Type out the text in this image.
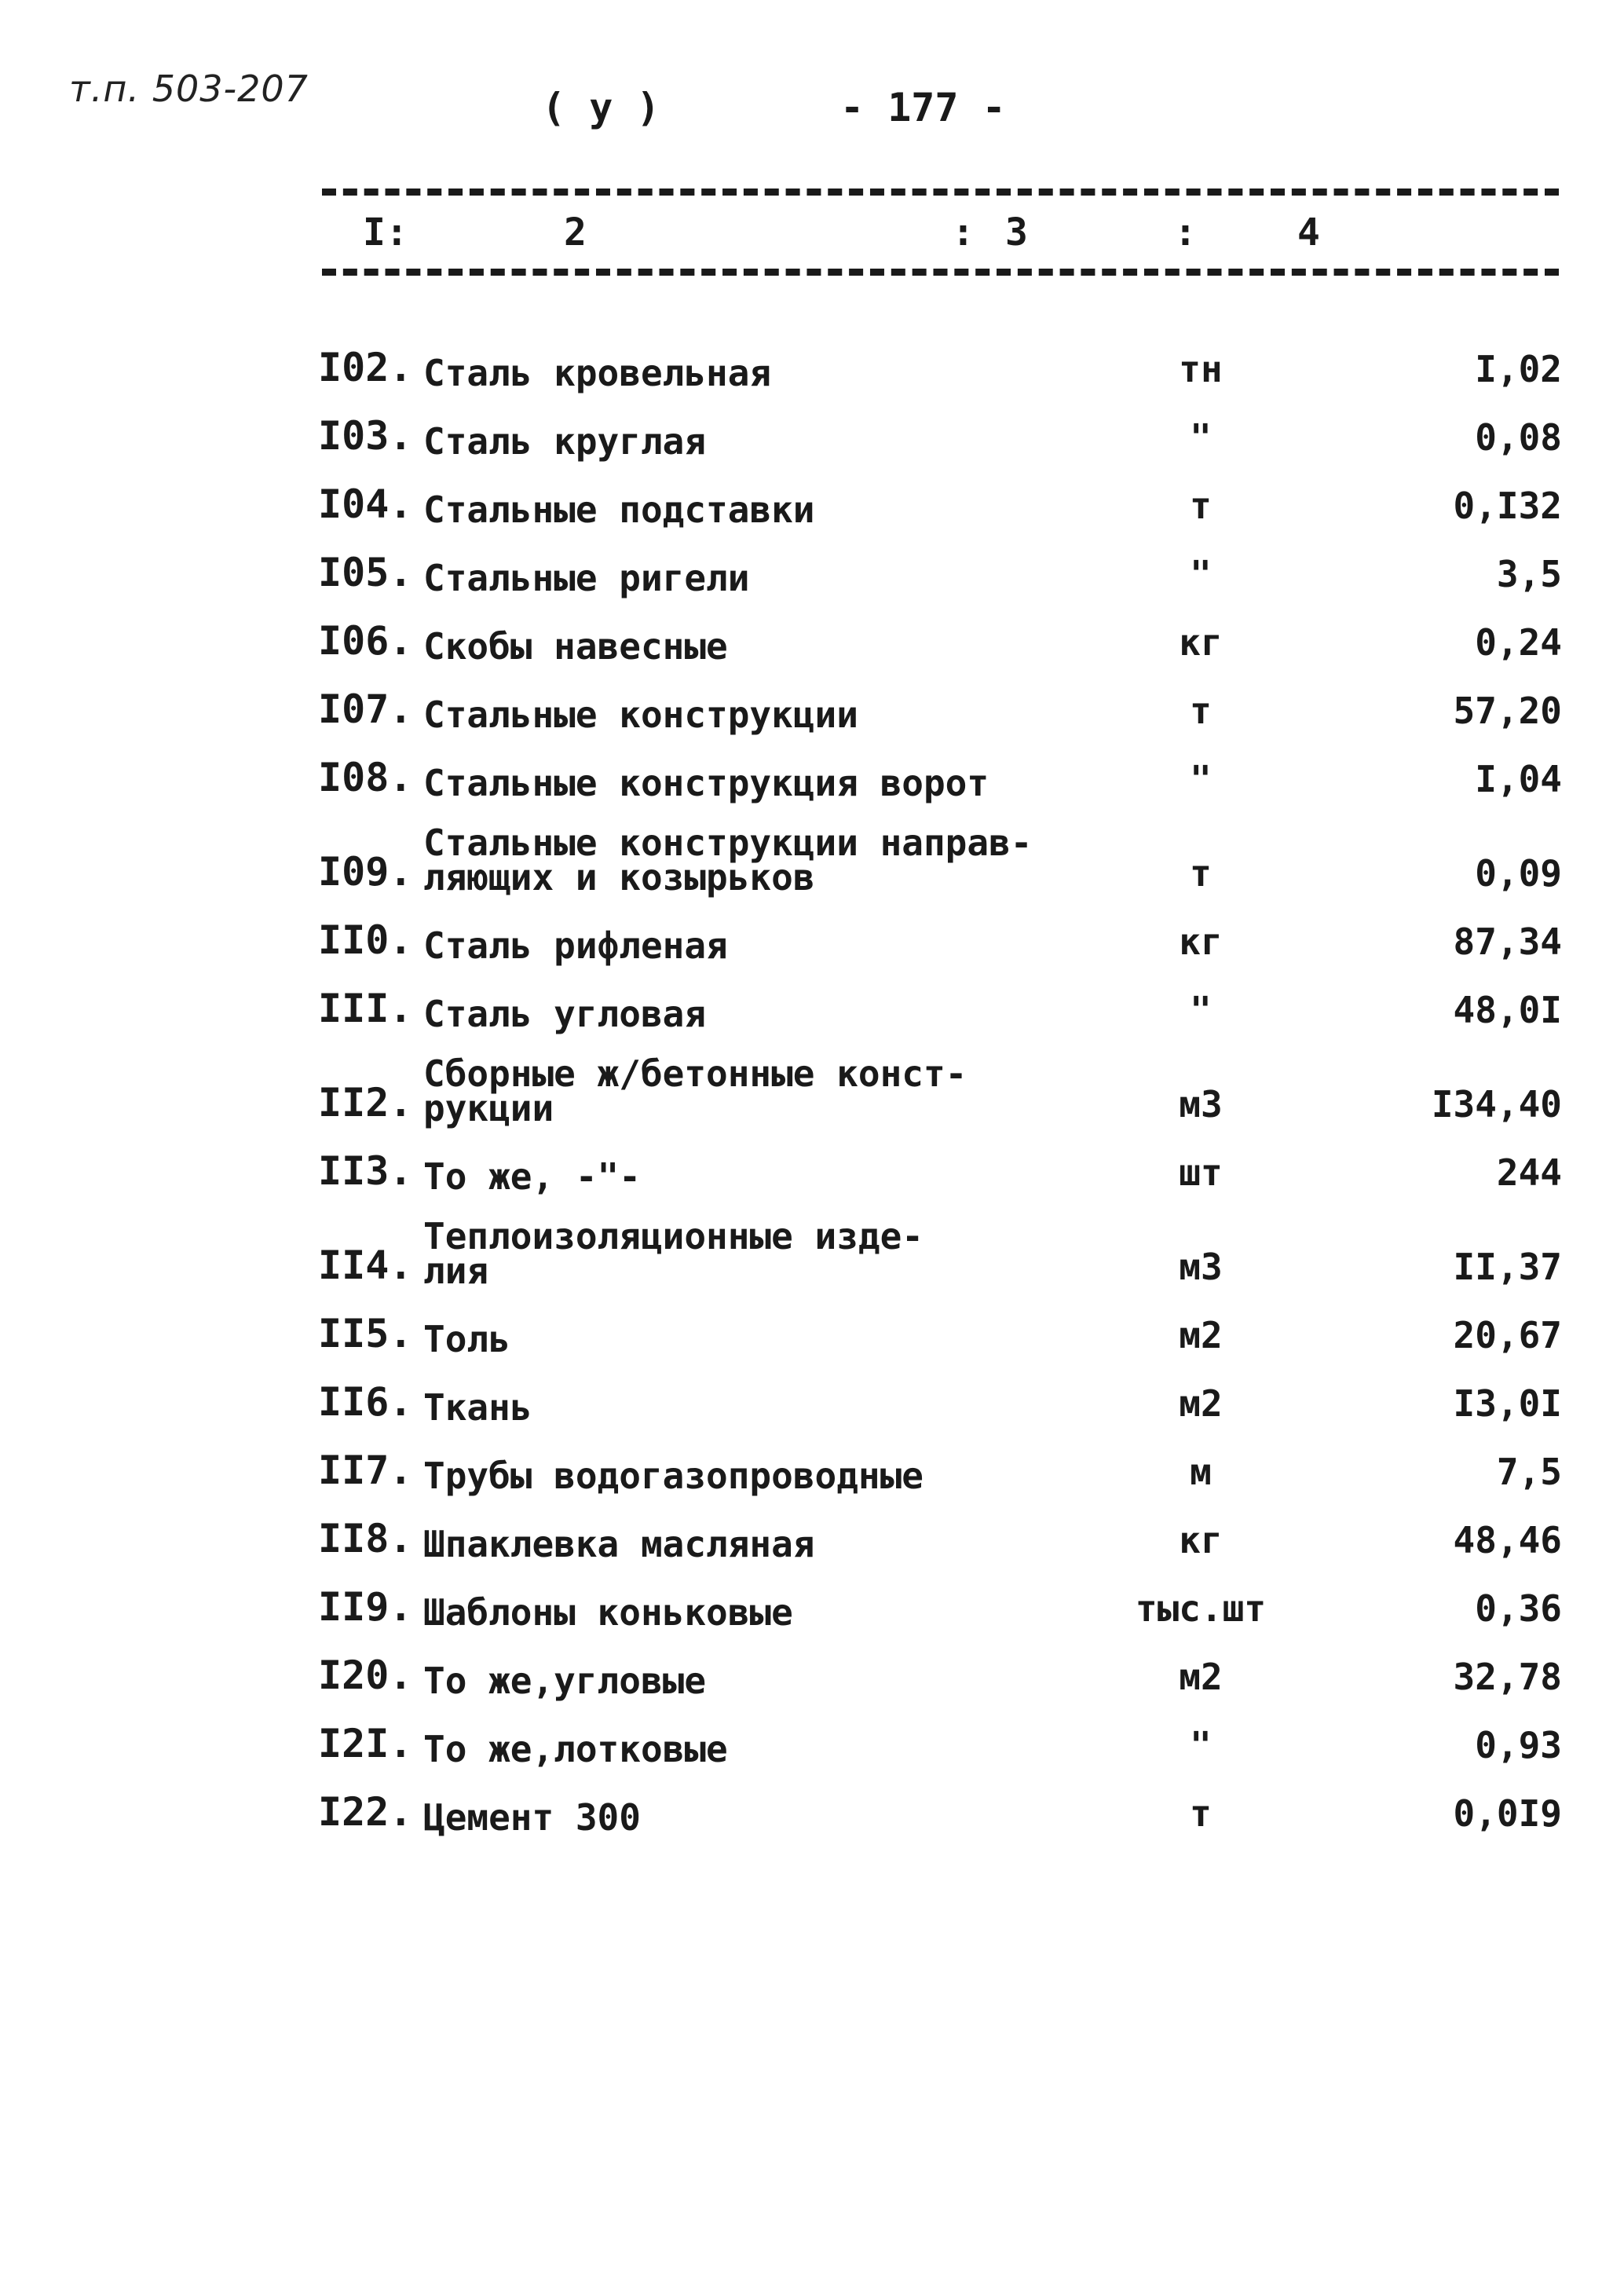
т.п. 503-207	( у )	- 177 -
I:	2	: 3	:	4
I02.	Сталь кровельная	тн	I,02
I03.	Сталь круглая	"	0,08
I04.	Стальные подставки	т	0,I32
I05.	Стальные ригели	"	3,5
I06.	Скобы навесные	кг	0,24
I07.	Стальные конструкции	т	57,20
I08.	Стальные конструкция ворот	"	I,04
I09.	Стальные конструкции направ-
ляющих и козырьков	т	0,09
II0.	Сталь рифленая	кг	87,34
III.	Сталь угловая	"	48,0I
II2.	Сборные ж/бетонные конст-
рукции	м3	I34,40
II3.	То же, -"-	шт	244
II4.	Теплоизоляционные изде-
лия	м3	II,37
II5.	Толь	м2	20,67
II6.	Ткань	м2	I3,0I
II7.	Трубы водогазопроводные	м	7,5
II8.	Шпаклевка масляная	кг	48,46
II9.	Шаблоны коньковые	тыс.шт	0,36
I20.	То же,угловые	м2	32,78
I2I.	То же,лотковые	"	0,93
I22.	Цемент 300	т	0,0I9
